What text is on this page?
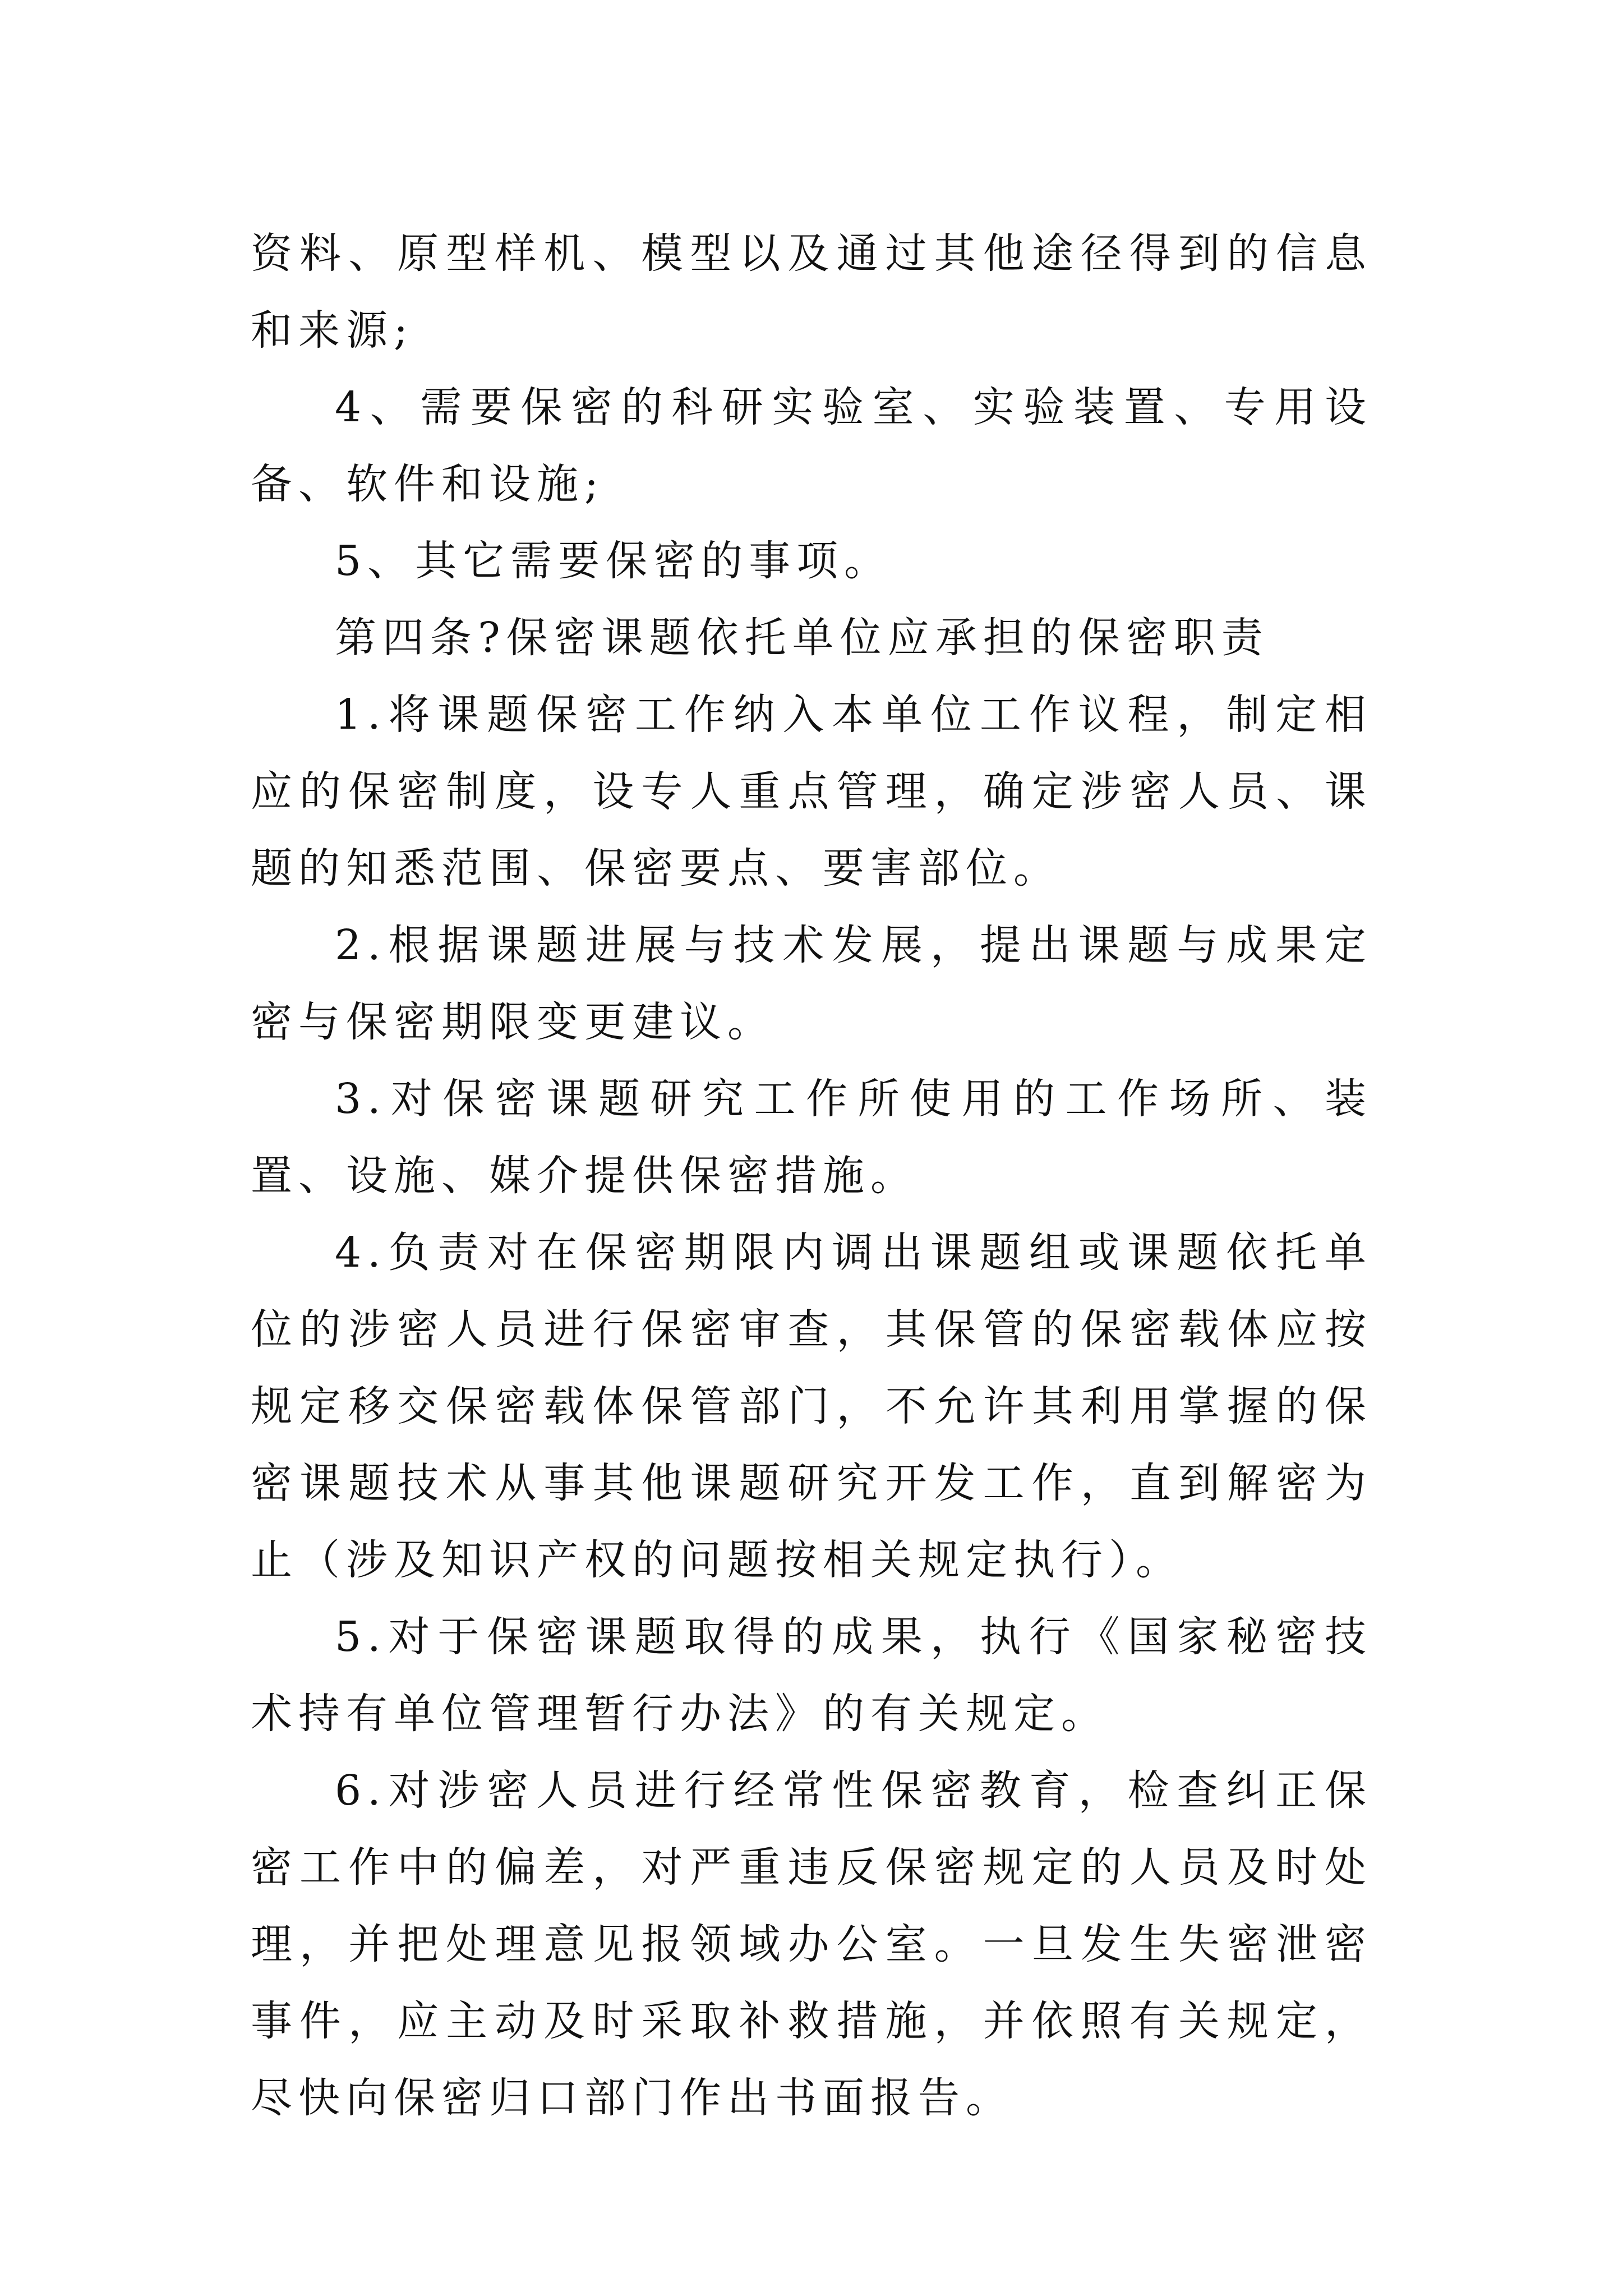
资料、原型样机、模型以及通过其他途径得到的信息和来源;

4、需要保密的科研实验室、实验装置、专用设备、软件和设施;

5、其它需要保密的事项。

第四条?保密课题依托单位应承担的保密职责

1.将课题保密工作纳入本单位工作议程，制定相应的保密制度，设专人重点管理，确定涉密人员、课题的知悉范围、保密要点、要害部位。

2.根据课题进展与技术发展，提出课题与成果定密与保密期限变更建议。

3.对保密课题研究工作所使用的工作场所、装置、设施、媒介提供保密措施。

4.负责对在保密期限内调出课题组或课题依托单位的涉密人员进行保密审查，其保管的保密载体应按规定移交保密载体保管部门，不允许其利用掌握的保密课题技术从事其他课题研究开发工作，直到解密为止（涉及知识产权的问题按相关规定执行）。

5.对于保密课题取得的成果，执行《国家秘密技术持有单位管理暂行办法》的有关规定。

6.对涉密人员进行经常性保密教育，检查纠正保密工作中的偏差，对严重违反保密规定的人员及时处理，并把处理意见报领域办公室。一旦发生失密泄密事件，应主动及时采取补救措施，并依照有关规定，尽快向保密归口部门作出书面报告。
